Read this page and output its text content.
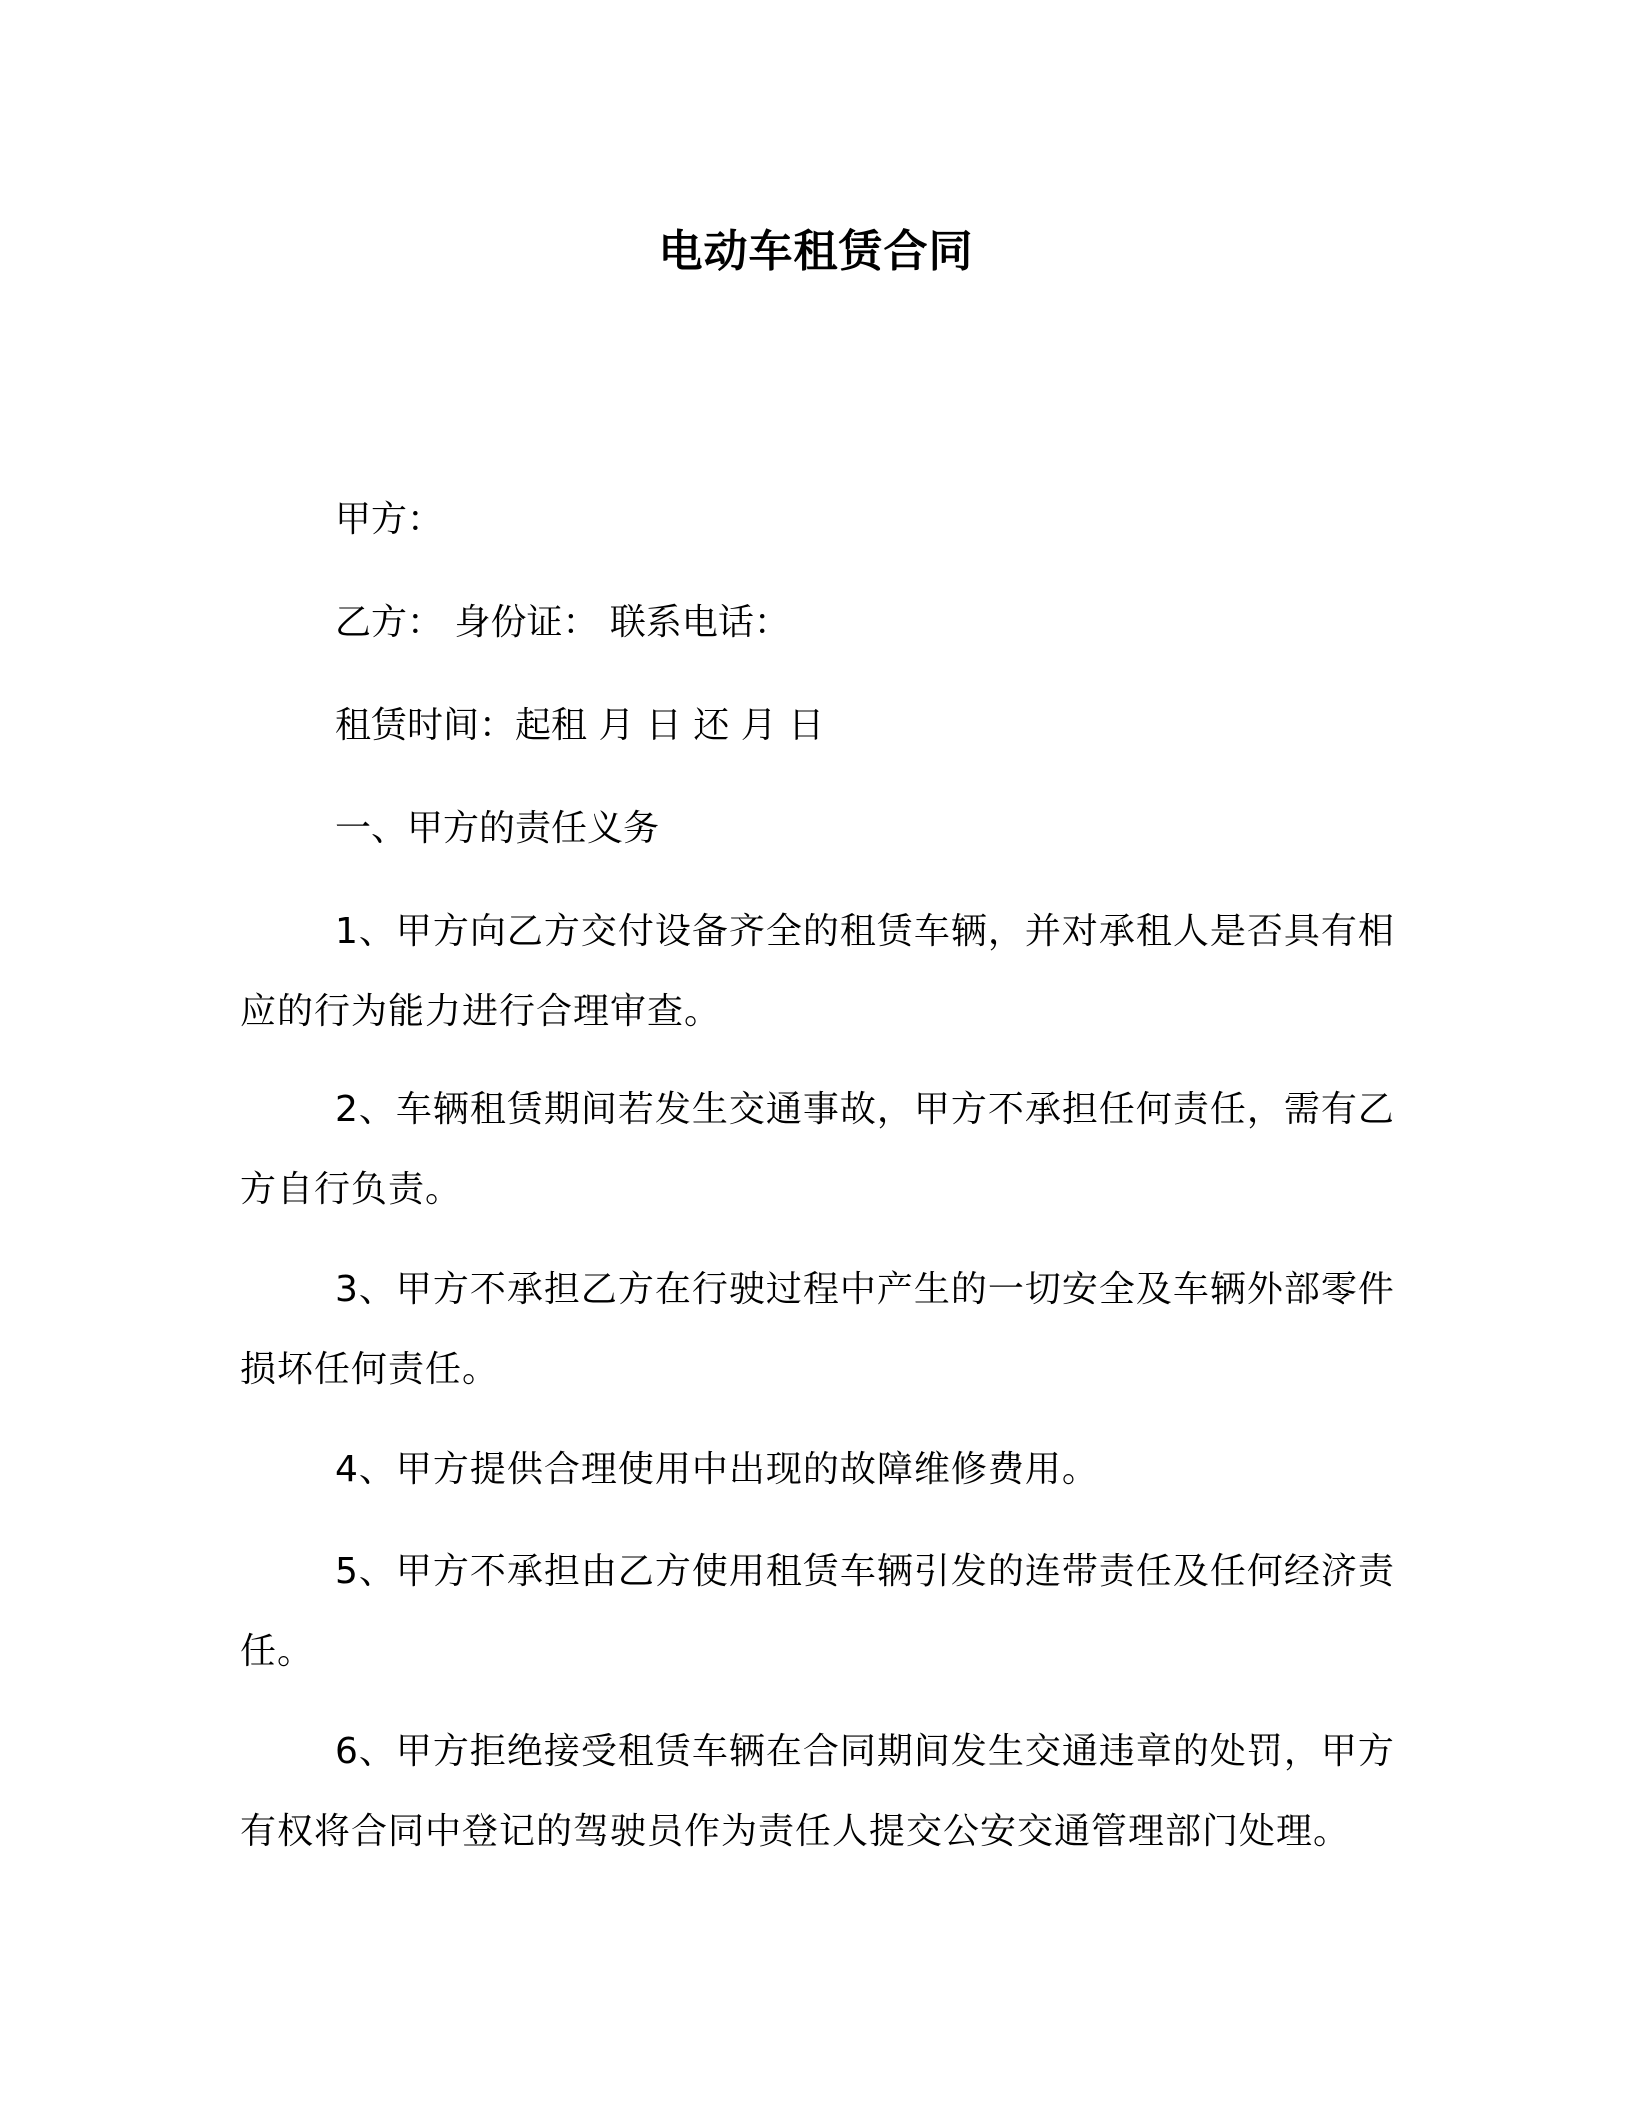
电动车租赁合同
甲方：
乙方： 身份证： 联系电话：
租赁时间：起租 月 日 还 月 日
一、甲方的责任义务
1、甲方向乙方交付设备齐全的租赁车辆，并对承租人是否具有相应的行为能力进行合理审查。
2、车辆租赁期间若发生交通事故，甲方不承担任何责任，需有乙方自行负责。
3、甲方不承担乙方在行驶过程中产生的一切安全及车辆外部零件损坏任何责任。
4、甲方提供合理使用中出现的故障维修费用。
5、甲方不承担由乙方使用租赁车辆引发的连带责任及任何经济责任。
6、甲方拒绝接受租赁车辆在合同期间发生交通违章的处罚，甲方有权将合同中登记的驾驶员作为责任人提交公安交通管理部门处理。
